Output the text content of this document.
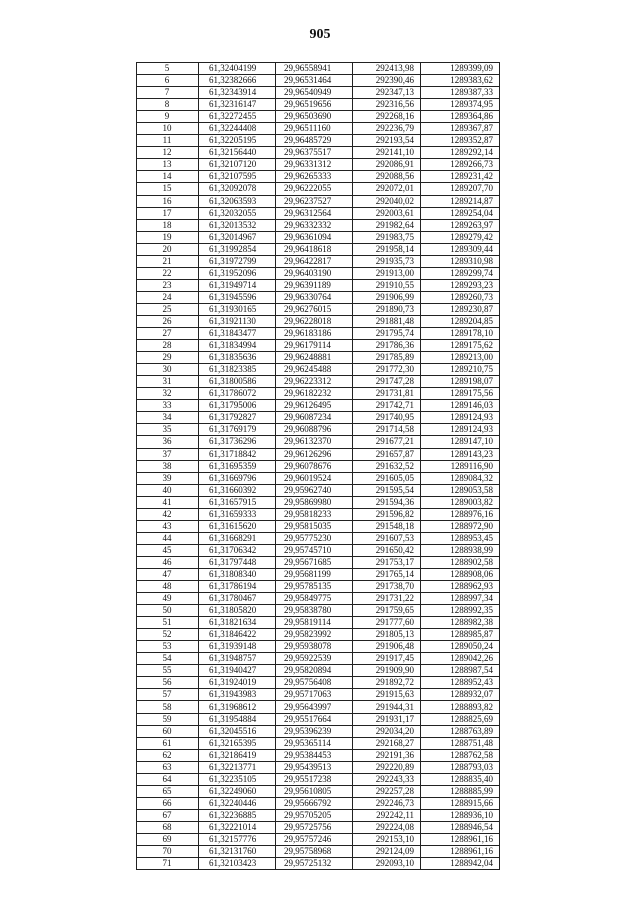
905
5	61,32404199	29,96558941	292413,98	1289399,09
6	61,32382666	29,96531464	292390,46	1289383,62
7	61,32343914	29,96540949	292347,13	1289387,33
8	61,32316147	29,96519656	292316,56	1289374,95
9	61,32272455	29,96503690	292268,16	1289364,86
10	61,32244408	29,96511160	292236,79	1289367,87
11	61,32205195	29,96485729	292193,54	1289352,87
12	61,32156440	29,96375517	292141,10	1289292,14
13	61,32107120	29,96331312	292086,91	1289266,73
14	61,32107595	29,96265333	292088,56	1289231,42
15	61,32092078	29,96222055	292072,01	1289207,70
16	61,32063593	29,96237527	292040,02	1289214,87
17	61,32032055	29,96312564	292003,61	1289254,04
18	61,32013532	29,96332332	291982,64	1289263,97
19	61,32014967	29,96361094	291983,75	1289279,42
20	61,31992854	29,96418618	291958,14	1289309,44
21	61,31972799	29,96422817	291935,73	1289310,98
22	61,31952096	29,96403190	291913,00	1289299,74
23	61,31949714	29,96391189	291910,55	1289293,23
24	61,31945596	29,96330764	291906,99	1289260,73
25	61,31930165	29,96276015	291890,73	1289230,87
26	61,31921130	29,96228018	291881,48	1289204,85
27	61,31843477	29,96183186	291795,74	1289178,10
28	61,31834994	29,96179114	291786,36	1289175,62
29	61,31835636	29,96248881	291785,89	1289213,00
30	61,31823385	29,96245488	291772,30	1289210,75
31	61,31800586	29,96223312	291747,28	1289198,07
32	61,31786072	29,96182232	291731,81	1289175,56
33	61,31795006	29,96126495	291742,71	1289146,03
34	61,31792827	29,96087234	291740,95	1289124,93
35	61,31769179	29,96088796	291714,58	1289124,93
36	61,31736296	29,96132370	291677,21	1289147,10
37	61,31718842	29,96126296	291657,87	1289143,23
38	61,31695359	29,96078676	291632,52	1289116,90
39	61,31669796	29,96019524	291605,05	1289084,32
40	61,31660392	29,95962740	291595,54	1289053,58
41	61,31657915	29,95869980	291594,36	1289003,82
42	61,31659333	29,95818233	291596,82	1288976,16
43	61,31615620	29,95815035	291548,18	1288972,90
44	61,31668291	29,95775230	291607,53	1288953,45
45	61,31706342	29,95745710	291650,42	1288938,99
46	61,31797448	29,95671685	291753,17	1288902,58
47	61,31808340	29,95681199	291765,14	1288908,06
48	61,31786194	29,95785135	291738,70	1288962,93
49	61,31780467	29,95849775	291731,22	1288997,34
50	61,31805820	29,95838780	291759,65	1288992,35
51	61,31821634	29,95819114	291777,60	1288982,38
52	61,31846422	29,95823992	291805,13	1288985,87
53	61,31939148	29,95938078	291906,48	1289050,24
54	61,31948757	29,95922539	291917,45	1289042,26
55	61,31940427	29,95820894	291909,90	1288987,54
56	61,31924019	29,95756408	291892,72	1288952,43
57	61,31943983	29,95717063	291915,63	1288932,07
58	61,31968612	29,95643997	291944,31	1288893,82
59	61,31954884	29,95517664	291931,17	1288825,69
60	61,32045516	29,95396239	292034,20	1288763,89
61	61,32165395	29,95365114	292168,27	1288751,48
62	61,32186419	29,95384453	292191,36	1288762,58
63	61,32213771	29,95439513	292220,89	1288793,03
64	61,32235105	29,95517238	292243,33	1288835,40
65	61,32249060	29,95610805	292257,28	1288885,99
66	61,32240446	29,95666792	292246,73	1288915,66
67	61,32236885	29,95705205	292242,11	1288936,10
68	61,32221014	29,95725756	292224,08	1288946,54
69	61,32157776	29,95757246	292153,10	1288961,16
70	61,32131760	29,95758968	292124,09	1288961,16
71	61,32103423	29,95725132	292093,10	1288942,04
